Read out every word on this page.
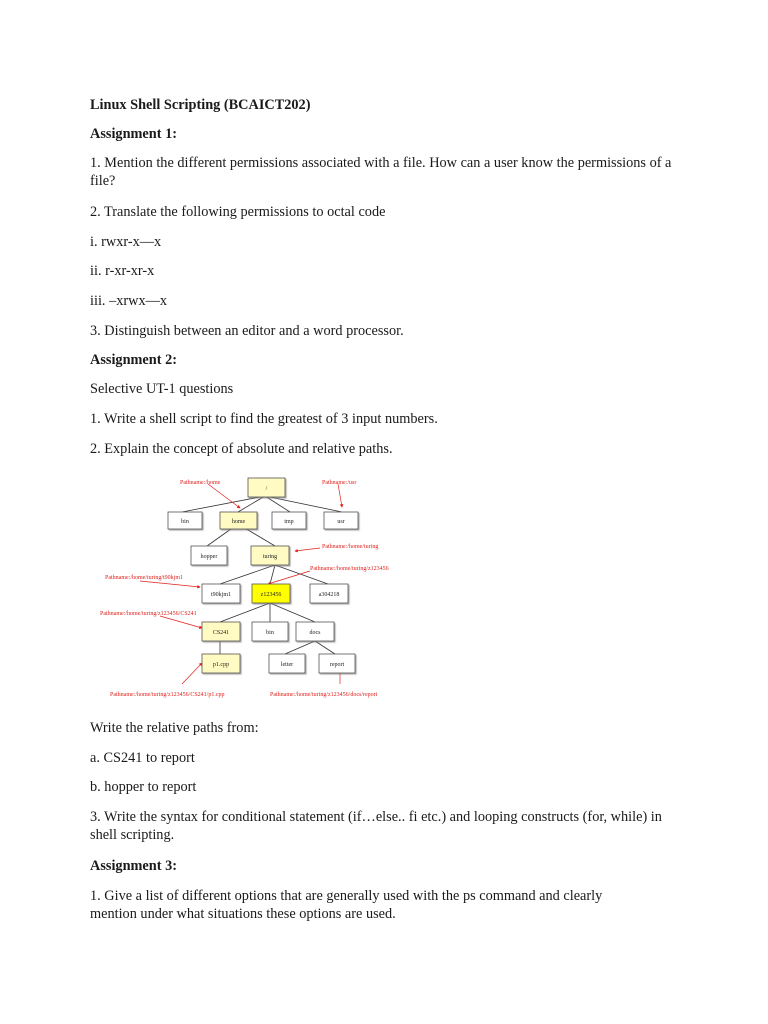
Linux Shell Scripting (BCAICT202)
Assignment 1:
1. Mention the different permissions associated with a file. How can a user know the permissions of a file?
2. Translate the following permissions to octal code
i. rwxr-x—x
ii. r-xr-xr-x
iii. –xrwx—x
3. Distinguish between an editor and a word processor.
Assignment 2:
Selective UT-1 questions
1. Write a shell script to find the greatest of 3 input numbers.
2. Explain the concept of absolute and relative paths.
/
bin	home	tmp	usr
hopper	turing
t90kjm1	z123456	a304218
CS241	bin	docs
p1.cpp	letter	report
Pathname:/home	Pathname:/usr
Pathname:/home/turing
Pathname:/home/turing/z123456
Pathname:/home/turing/t90kjm1
Pathname:/home/turing/z123456/CS241
Pathname:/home/turing/z123456/CS241/p1.cpp	Pathname:/home/turing/z123456/docs/report
Write the relative paths from:
a. CS241 to report
b. hopper to report
3. Write the syntax for conditional statement (if…else.. fi etc.) and looping constructs (for, while) in shell scripting.
Assignment 3:
1. Give a list of different options that are generally used with the ps command and clearly mention under what situations these options are used.
